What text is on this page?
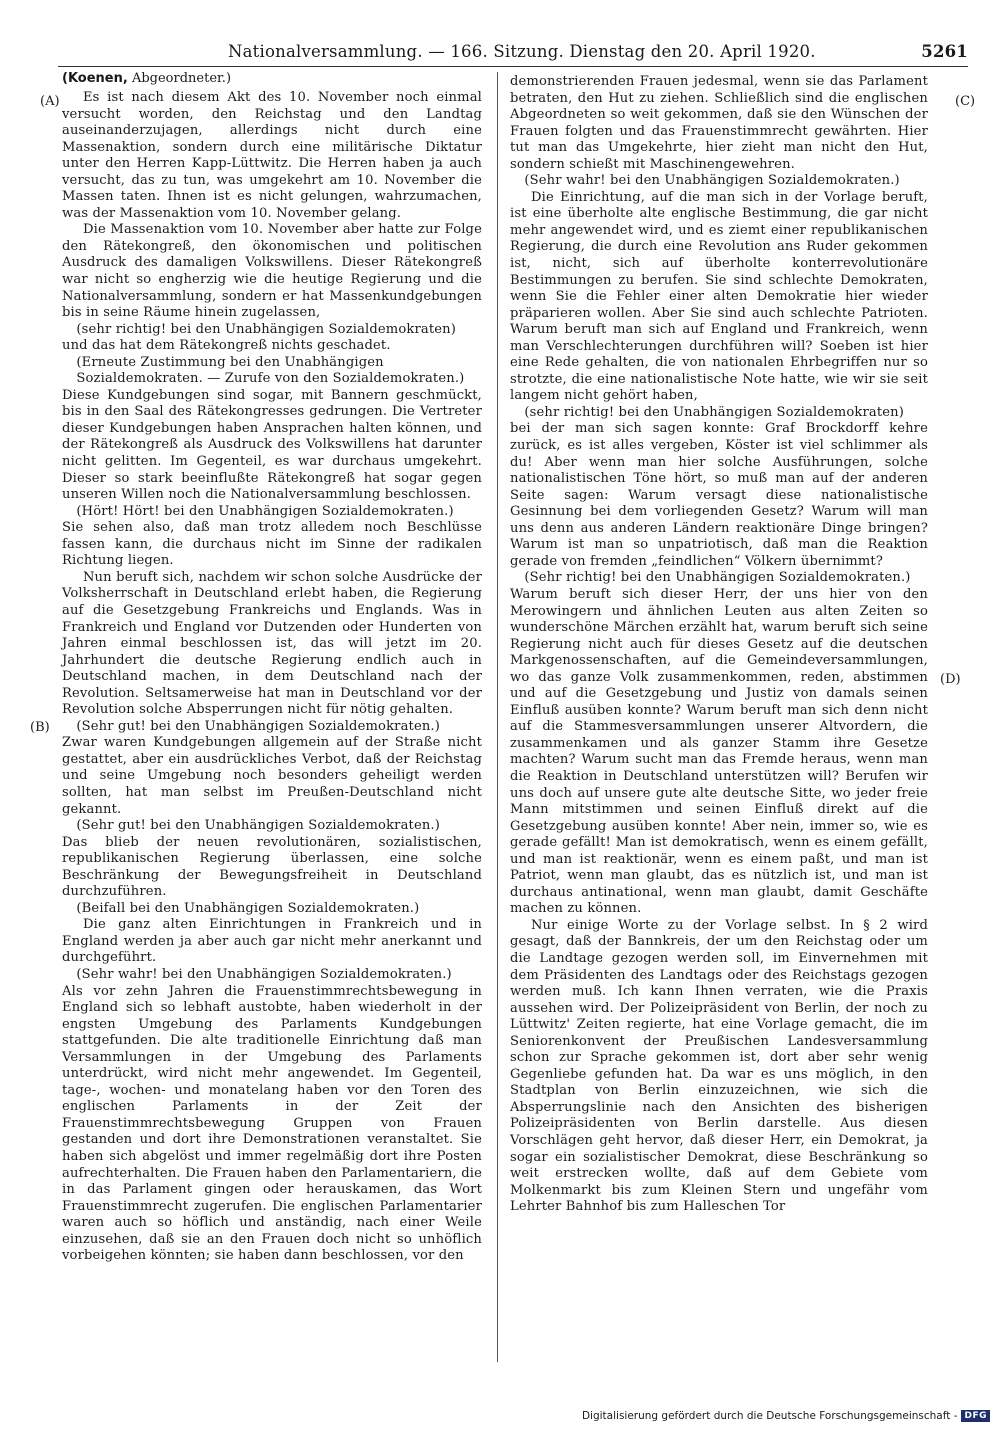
Nationalversammlung. — 166. Sitzung. Dienstag den 20. April 1920.	5261
(Koenen, Abgeordneter.)
(A)
(B)
(C)
(D)

Es ist nach diesem Akt des 10. November noch einmal versucht worden, den Reichstag und den Landtag auseinanderzujagen, allerdings nicht durch eine Massenaktion, sondern durch eine militärische Diktatur unter den Herren Kapp-Lüttwitz. Die Herren haben ja auch versucht, das zu tun, was umgekehrt am 10. November die Massen taten. Ihnen ist es nicht gelungen, wahrzumachen, was der Massenaktion vom 10. November gelang.

Die Massenaktion vom 10. November aber hatte zur Folge den Rätekongreß, den ökonomischen und politischen Ausdruck des damaligen Volkswillens. Dieser Rätekongreß war nicht so engherzig wie die heutige Regierung und die Nationalversammlung, sondern er hat Massenkundgebungen bis in seine Räume hinein zugelassen,

(sehr richtig! bei den Unabhängigen Sozialdemokraten)

und das hat dem Rätekongreß nichts geschadet.

(Erneute Zustimmung bei den Unabhängigen Sozialdemokraten. — Zurufe von den Sozialdemokraten.)

Diese Kundgebungen sind sogar, mit Bannern geschmückt, bis in den Saal des Rätekongresses gedrungen. Die Vertreter dieser Kundgebungen haben Ansprachen halten können, und der Rätekongreß als Ausdruck des Volkswillens hat darunter nicht gelitten. Im Gegenteil, es war durchaus umgekehrt. Dieser so stark beeinflußte Rätekongreß hat sogar gegen unseren Willen noch die Nationalversammlung beschlossen.

(Hört! Hört! bei den Unabhängigen Sozialdemokraten.)

Sie sehen also, daß man trotz alledem noch Beschlüsse fassen kann, die durchaus nicht im Sinne der radikalen Richtung liegen.

Nun beruft sich, nachdem wir schon solche Ausdrücke der Volksherrschaft in Deutschland erlebt haben, die Regierung auf die Gesetzgebung Frankreichs und Englands. Was in Frankreich und England vor Dutzenden oder Hunderten von Jahren einmal beschlossen ist, das will jetzt im 20. Jahrhundert die deutsche Regierung endlich auch in Deutschland machen, in dem Deutschland nach der Revolution. Seltsamerweise hat man in Deutschland vor der Revolution solche Absperrungen nicht für nötig gehalten.

(Sehr gut! bei den Unabhängigen Sozialdemokraten.)

Zwar waren Kundgebungen allgemein auf der Straße nicht gestattet, aber ein ausdrückliches Verbot, daß der Reichstag und seine Umgebung noch besonders geheiligt werden sollten, hat man selbst im Preußen-Deutschland nicht gekannt.

(Sehr gut! bei den Unabhängigen Sozialdemokraten.)

Das blieb der neuen revolutionären, sozialistischen, republikanischen Regierung überlassen, eine solche Beschränkung der Bewegungsfreiheit in Deutschland durchzuführen.

(Beifall bei den Unabhängigen Sozialdemokraten.)

Die ganz alten Einrichtungen in Frankreich und in England werden ja aber auch gar nicht mehr anerkannt und durchgeführt.

(Sehr wahr! bei den Unabhängigen Sozialdemokraten.)

Als vor zehn Jahren die Frauenstimmrechtsbewegung in England sich so lebhaft austobte, haben wiederholt in der engsten Umgebung des Parlaments Kundgebungen stattgefunden. Die alte traditionelle Einrichtung daß man Versammlungen in der Umgebung des Parlaments unterdrückt, wird nicht mehr angewendet. Im Gegenteil, tage-, wochen- und monatelang haben vor den Toren des englischen Parlaments in der Zeit der Frauenstimmrechtsbewegung Gruppen von Frauen gestanden und dort ihre Demonstrationen veranstaltet. Sie haben sich abgelöst und immer regelmäßig dort ihre Posten aufrechterhalten. Die Frauen haben den Parlamentariern, die in das Parlament gingen oder herauskamen, das Wort Frauenstimmrecht zugerufen. Die englischen Parlamentarier waren auch so höflich und anständig, nach einer Weile einzusehen, daß sie an den Frauen doch nicht so unhöflich vorbeigehen könnten; sie haben dann beschlossen, vor den

demonstrierenden Frauen jedesmal, wenn sie das Parlament betraten, den Hut zu ziehen. Schließlich sind die englischen Abgeordneten so weit gekommen, daß sie den Wünschen der Frauen folgten und das Frauenstimmrecht gewährten. Hier tut man das Umgekehrte, hier zieht man nicht den Hut, sondern schießt mit Maschinengewehren.

(Sehr wahr! bei den Unabhängigen Sozialdemokraten.)

Die Einrichtung, auf die man sich in der Vorlage beruft, ist eine überholte alte englische Bestimmung, die gar nicht mehr angewendet wird, und es ziemt einer republikanischen Regierung, die durch eine Revolution ans Ruder gekommen ist, nicht, sich auf überholte konterrevolutionäre Bestimmungen zu berufen. Sie sind schlechte Demokraten, wenn Sie die Fehler einer alten Demokratie hier wieder präparieren wollen. Aber Sie sind auch schlechte Patrioten. Warum beruft man sich auf England und Frankreich, wenn man Verschlechterungen durchführen will? Soeben ist hier eine Rede gehalten, die von nationalen Ehrbegriffen nur so strotzte, die eine nationalistische Note hatte, wie wir sie seit langem nicht gehört haben,

(sehr richtig! bei den Unabhängigen Sozialdemokraten)

bei der man sich sagen konnte: Graf Brockdorff kehre zurück, es ist alles vergeben, Köster ist viel schlimmer als du! Aber wenn man hier solche Ausführungen, solche nationalistischen Töne hört, so muß man auf der anderen Seite sagen: Warum versagt diese nationalistische Gesinnung bei dem vorliegenden Gesetz? Warum will man uns denn aus anderen Ländern reaktionäre Dinge bringen? Warum ist man so unpatriotisch, daß man die Reaktion gerade von fremden „feindlichen“ Völkern übernimmt?

(Sehr richtig! bei den Unabhängigen Sozialdemokraten.)

Warum beruft sich dieser Herr, der uns hier von den Merowingern und ähnlichen Leuten aus alten Zeiten so wunderschöne Märchen erzählt hat, warum beruft sich seine Regierung nicht auch für dieses Gesetz auf die deutschen Markgenossenschaften, auf die Gemeindeversammlungen, wo das ganze Volk zusammenkommen, reden, abstimmen und auf die Gesetzgebung und Justiz von damals seinen Einfluß ausüben konnte? Warum beruft man sich denn nicht auf die Stammesversammlungen unserer Altvordern, die zusammenkamen und als ganzer Stamm ihre Gesetze machten? Warum sucht man das Fremde heraus, wenn man die Reaktion in Deutschland unterstützen will? Berufen wir uns doch auf unsere gute alte deutsche Sitte, wo jeder freie Mann mitstimmen und seinen Einfluß direkt auf die Gesetzgebung ausüben konnte! Aber nein, immer so, wie es gerade gefällt! Man ist demokratisch, wenn es einem gefällt, und man ist reaktionär, wenn es einem paßt, und man ist Patriot, wenn man glaubt, das es nützlich ist, und man ist durchaus antinational, wenn man glaubt, damit Geschäfte machen zu können.

Nur einige Worte zu der Vorlage selbst. In § 2 wird gesagt, daß der Bannkreis, der um den Reichstag oder um die Landtage gezogen werden soll, im Einvernehmen mit dem Präsidenten des Landtags oder des Reichstags gezogen werden muß. Ich kann Ihnen verraten, wie die Praxis aussehen wird. Der Polizeipräsident von Berlin, der noch zu Lüttwitz' Zeiten regierte, hat eine Vorlage gemacht, die im Seniorenkonvent der Preußischen Landesversammlung schon zur Sprache gekommen ist, dort aber sehr wenig Gegenliebe gefunden hat. Da war es uns möglich, in den Stadtplan von Berlin einzuzeichnen, wie sich die Absperrungslinie nach den Ansichten des bisherigen Polizeipräsidenten von Berlin darstelle. Aus diesen Vorschlägen geht hervor, daß dieser Herr, ein Demokrat, ja sogar ein sozialistischer Demokrat, diese Beschränkung so weit erstrecken wollte, daß auf dem Gebiete vom Molkenmarkt bis zum Kleinen Stern und ungefähr vom Lehrter Bahnhof bis zum Halleschen Tor

Digitalisierung gefördert durch die Deutsche Forschungsgemeinschaft - DFG
